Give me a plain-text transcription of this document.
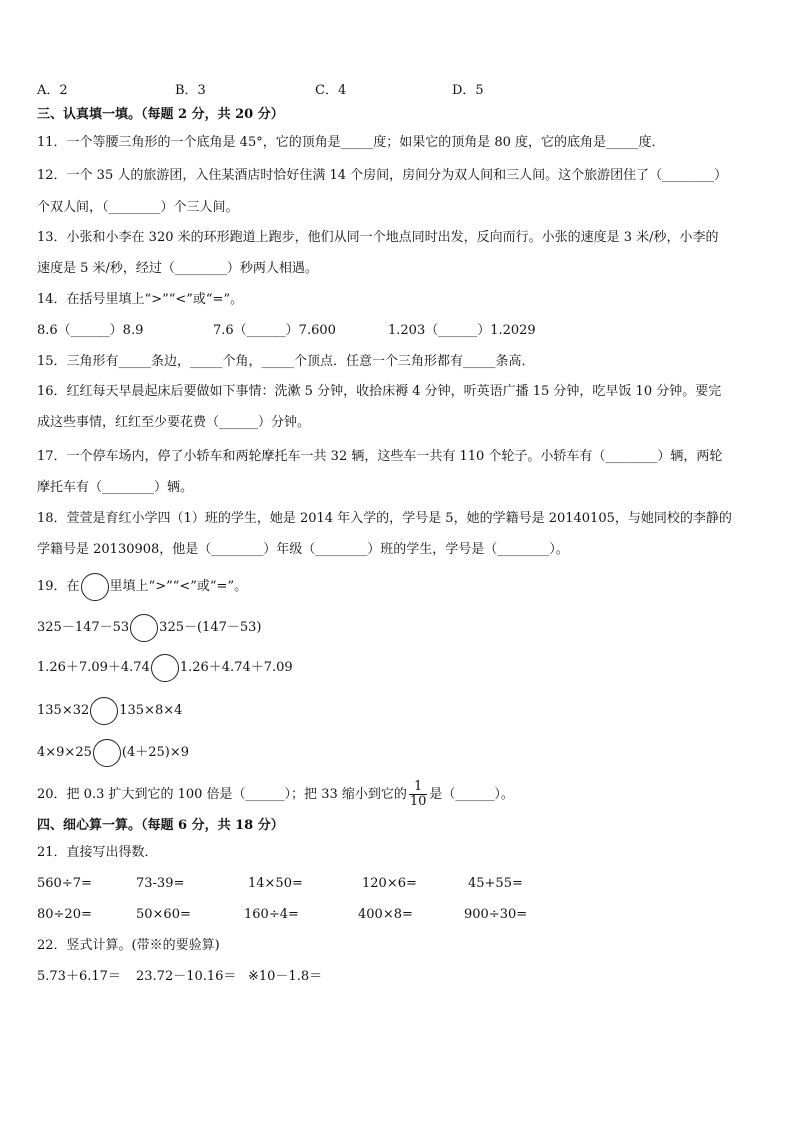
A．2	B．3	C．4	D．5
三、认真填一填。（每题 2 分，共 20 分）
11．一个等腰三角形的一个底角是 45°，它的顶角是_____度；如果它的顶角是 80 度，它的底角是_____度．
12．一个 35 人的旅游团，入住某酒店时恰好住满 14 个房间，房间分为双人间和三人间。这个旅游团住了（________）
个双人间，（________）个三人间。
13．小张和小李在 320 米的环形跑道上跑步，他们从同一个地点同时出发，反向而行。小张的速度是 3 米/秒，小李的
速度是 5 米/秒，经过（________）秒两人相遇。
14．在括号里填上“>”“<”或“=”。
8.6（______）8.9	7.6（______）7.600	1.203（______）1.2029
15．三角形有_____条边，_____个角，_____个顶点．任意一个三角形都有_____条高．
16．红红每天早晨起床后要做如下事情：洗漱 5 分钟，收拾床褥 4 分钟，听英语广播 15 分钟，吃早饭 10 分钟。要完
成这些事情，红红至少要花费（______）分钟。
17．一个停车场内，停了小轿车和两轮摩托车一共 32 辆，这些车一共有 110 个轮子。小轿车有（________）辆，两轮
摩托车有（________）辆。
18．萱萱是育红小学四（1）班的学生，她是 2014 年入学的，学号是 5，她的学籍号是 20140105，与她同校的李静的
学籍号是 20130908，他是（________）年级（________）班的学生，学号是（________）。
19．在 里填上“>”“<”或“=”。
325－147－53 325－(147－53)
1.26＋7.09＋4.74 1.26＋4.74＋7.09
135×32 135×8×4
4×9×25 (4＋25)×9
20．把 0.3 扩大到它的 100 倍是（______）；把 33 缩小到它的 $\frac{1}{10}$ 是（______）。
四、细心算一算。（每题 6 分，共 18 分）
21．直接写出得数．
560÷7=	73-39=	14×50=	120×6=	45+55=
80÷20=	50×60=	160÷4=	400×8=	900÷30=
22．竖式计算。(带※的要验算)
5.73＋6.17＝ 23.72－10.16＝ ※10－1.8＝
